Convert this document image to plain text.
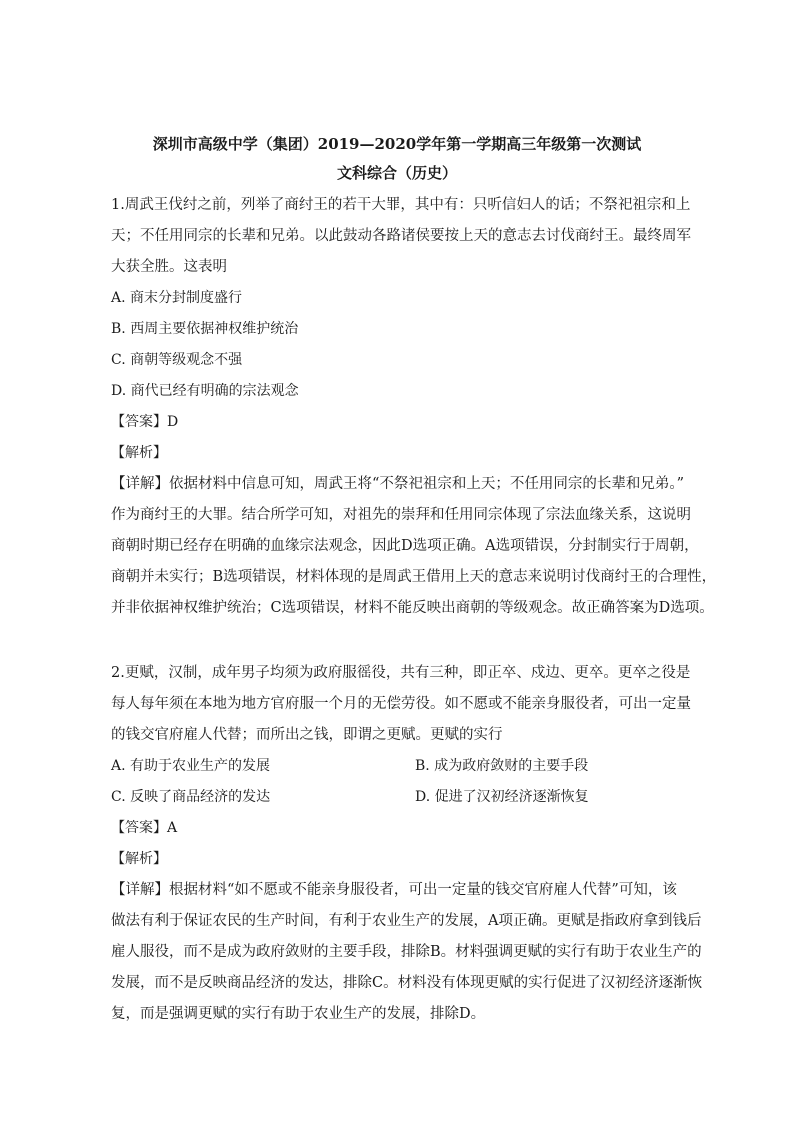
深圳市高级中学（集团）2019—2020学年第一学期高三年级第一次测试
文科综合（历史）
1.周武王伐纣之前，列举了商纣王的若干大罪，其中有：只听信妇人的话；不祭祀祖宗和上
天；不任用同宗的长辈和兄弟。以此鼓动各路诸侯要按上天的意志去讨伐商纣王。最终周军
大获全胜。这表明
A. 商末分封制度盛行
B. 西周主要依据神权维护统治
C. 商朝等级观念不强
D. 商代已经有明确的宗法观念
【答案】D
【解析】
【详解】依据材料中信息可知，周武王将“不祭祀祖宗和上天；不任用同宗的长辈和兄弟。”
作为商纣王的大罪。结合所学可知，对祖先的崇拜和任用同宗体现了宗法血缘关系，这说明
商朝时期已经存在明确的血缘宗法观念，因此D选项正确。A选项错误，分封制实行于周朝，
商朝并未实行；B选项错误，材料体现的是周武王借用上天的意志来说明讨伐商纣王的合理性，
并非依据神权维护统治；C选项错误，材料不能反映出商朝的等级观念。故正确答案为D选项。
2.更赋，汉制，成年男子均须为政府服徭役，共有三种，即正卒、戍边、更卒。更卒之役是
每人每年须在本地为地方官府服一个月的无偿劳役。如不愿或不能亲身服役者，可出一定量
的钱交官府雇人代替；而所出之钱，即谓之更赋。更赋的实行
A. 有助于农业生产的发展	B. 成为政府敛财的主要手段
C. 反映了商品经济的发达	D. 促进了汉初经济逐渐恢复
【答案】A
【解析】
【详解】根据材料“如不愿或不能亲身服役者，可出一定量的钱交官府雇人代替”可知，该
做法有利于保证农民的生产时间，有利于农业生产的发展，A项正确。更赋是指政府拿到钱后
雇人服役，而不是成为政府敛财的主要手段，排除B。材料强调更赋的实行有助于农业生产的
发展，而不是反映商品经济的发达，排除C。材料没有体现更赋的实行促进了汉初经济逐渐恢
复，而是强调更赋的实行有助于农业生产的发展，排除D。
